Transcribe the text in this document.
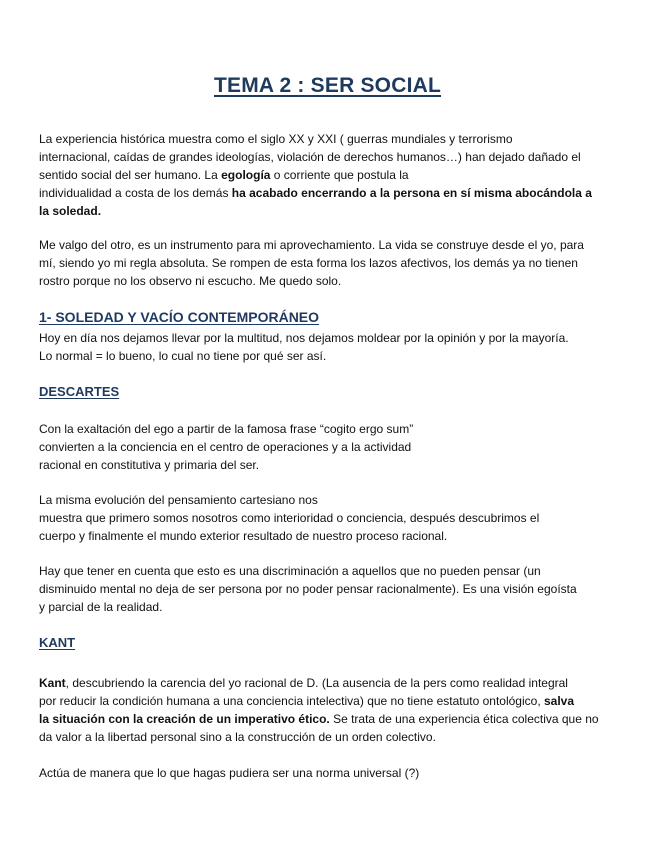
TEMA 2 : SER SOCIAL

La experiencia histórica muestra como el siglo XX y XXI ( guerras mundiales y terrorismo
internacional, caídas de grandes ideologías, violación de derechos humanos…) han dejado dañado el
sentido social del ser humano. La egología o corriente que postula la
individualidad a costa de los demás ha acabado encerrando a la persona en sí misma abocándola a
la soledad.

Me valgo del otro, es un instrumento para mi aprovechamiento. La vida se construye desde el yo, para
mí, siendo yo mi regla absoluta. Se rompen de esta forma los lazos afectivos, los demás ya no tienen
rostro porque no los observo ni escucho. Me quedo solo.

1- SOLEDAD Y VACÍO CONTEMPORÁNEO

Hoy en día nos dejamos llevar por la multitud, nos dejamos moldear por la opinión y por la mayoría.
Lo normal = lo bueno, lo cual no tiene por qué ser así.

DESCARTES

Con la exaltación del ego a partir de la famosa frase “cogito ergo sum”
convierten a la conciencia en el centro de operaciones y a la actividad
racional en constitutiva y primaria del ser.

La misma evolución del pensamiento cartesiano nos
muestra que primero somos nosotros como interioridad o conciencia, después descubrimos el
cuerpo y finalmente el mundo exterior resultado de nuestro proceso racional.

Hay que tener en cuenta que esto es una discriminación a aquellos que no pueden pensar (un
disminuido mental no deja de ser persona por no poder pensar racionalmente). Es una visión egoísta
y parcial de la realidad.

KANT

Kant, descubriendo la carencia del yo racional de D. (La ausencia de la pers como realidad integral
por reducir la condición humana a una conciencia intelectiva) que no tiene estatuto ontológico, salva
la situación con la creación de un imperativo ético. Se trata de una experiencia ética colectiva que no
da valor a la libertad personal sino a la construcción de un orden colectivo.

Actúa de manera que lo que hagas pudiera ser una norma universal (?)
